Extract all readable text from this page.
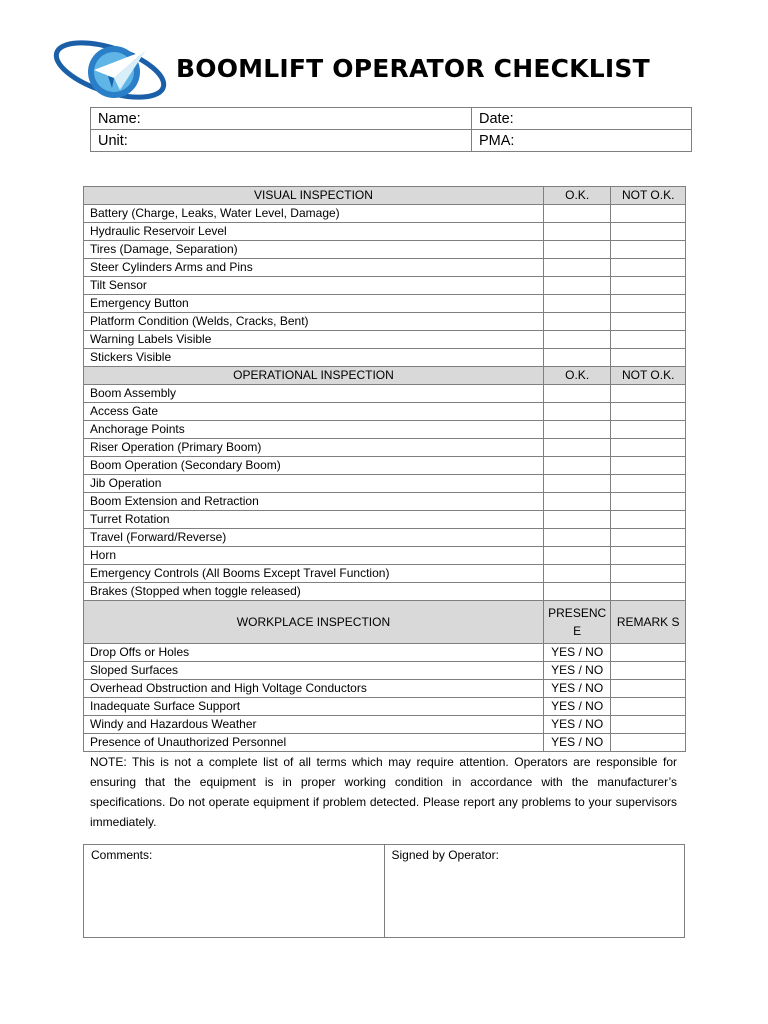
BOOMLIFT OPERATOR CHECKLIST
Name:	Date:
Unit:	PMA:
VISUAL INSPECTION	O.K.	NOT O.K.
Battery (Charge, Leaks, Water Level, Damage)		
Hydraulic Reservoir Level		
Tires (Damage, Separation)		
Steer Cylinders Arms and Pins		
Tilt Sensor		
Emergency Button		
Platform Condition (Welds, Cracks, Bent)		
Warning Labels Visible		
Stickers Visible		
OPERATIONAL INSPECTION	O.K.	NOT O.K.
Boom Assembly		
Access Gate		
Anchorage Points		
Riser Operation (Primary Boom)		
Boom Operation (Secondary Boom)		
Jib Operation		
Boom Extension and Retraction		
Turret Rotation		
Travel (Forward/Reverse)		
Horn		
Emergency Controls (All Booms Except Travel Function)		
Brakes (Stopped when toggle released)		
WORKPLACE INSPECTION	PRESENC E	REMARK S
Drop Offs or Holes	YES / NO	
Sloped Surfaces	YES / NO	
Overhead Obstruction and High Voltage Conductors	YES / NO	
Inadequate Surface Support	YES / NO	
Windy and Hazardous Weather	YES / NO	
Presence of Unauthorized Personnel	YES / NO	
NOTE: This is not a complete list of all terms which may require attention. Operators are responsible for ensuring that the equipment is in proper working condition in accordance with the manufacturer’s specifications. Do not operate equipment if problem detected. Please report any problems to your supervisors immediately.
Comments:	Signed by Operator:
